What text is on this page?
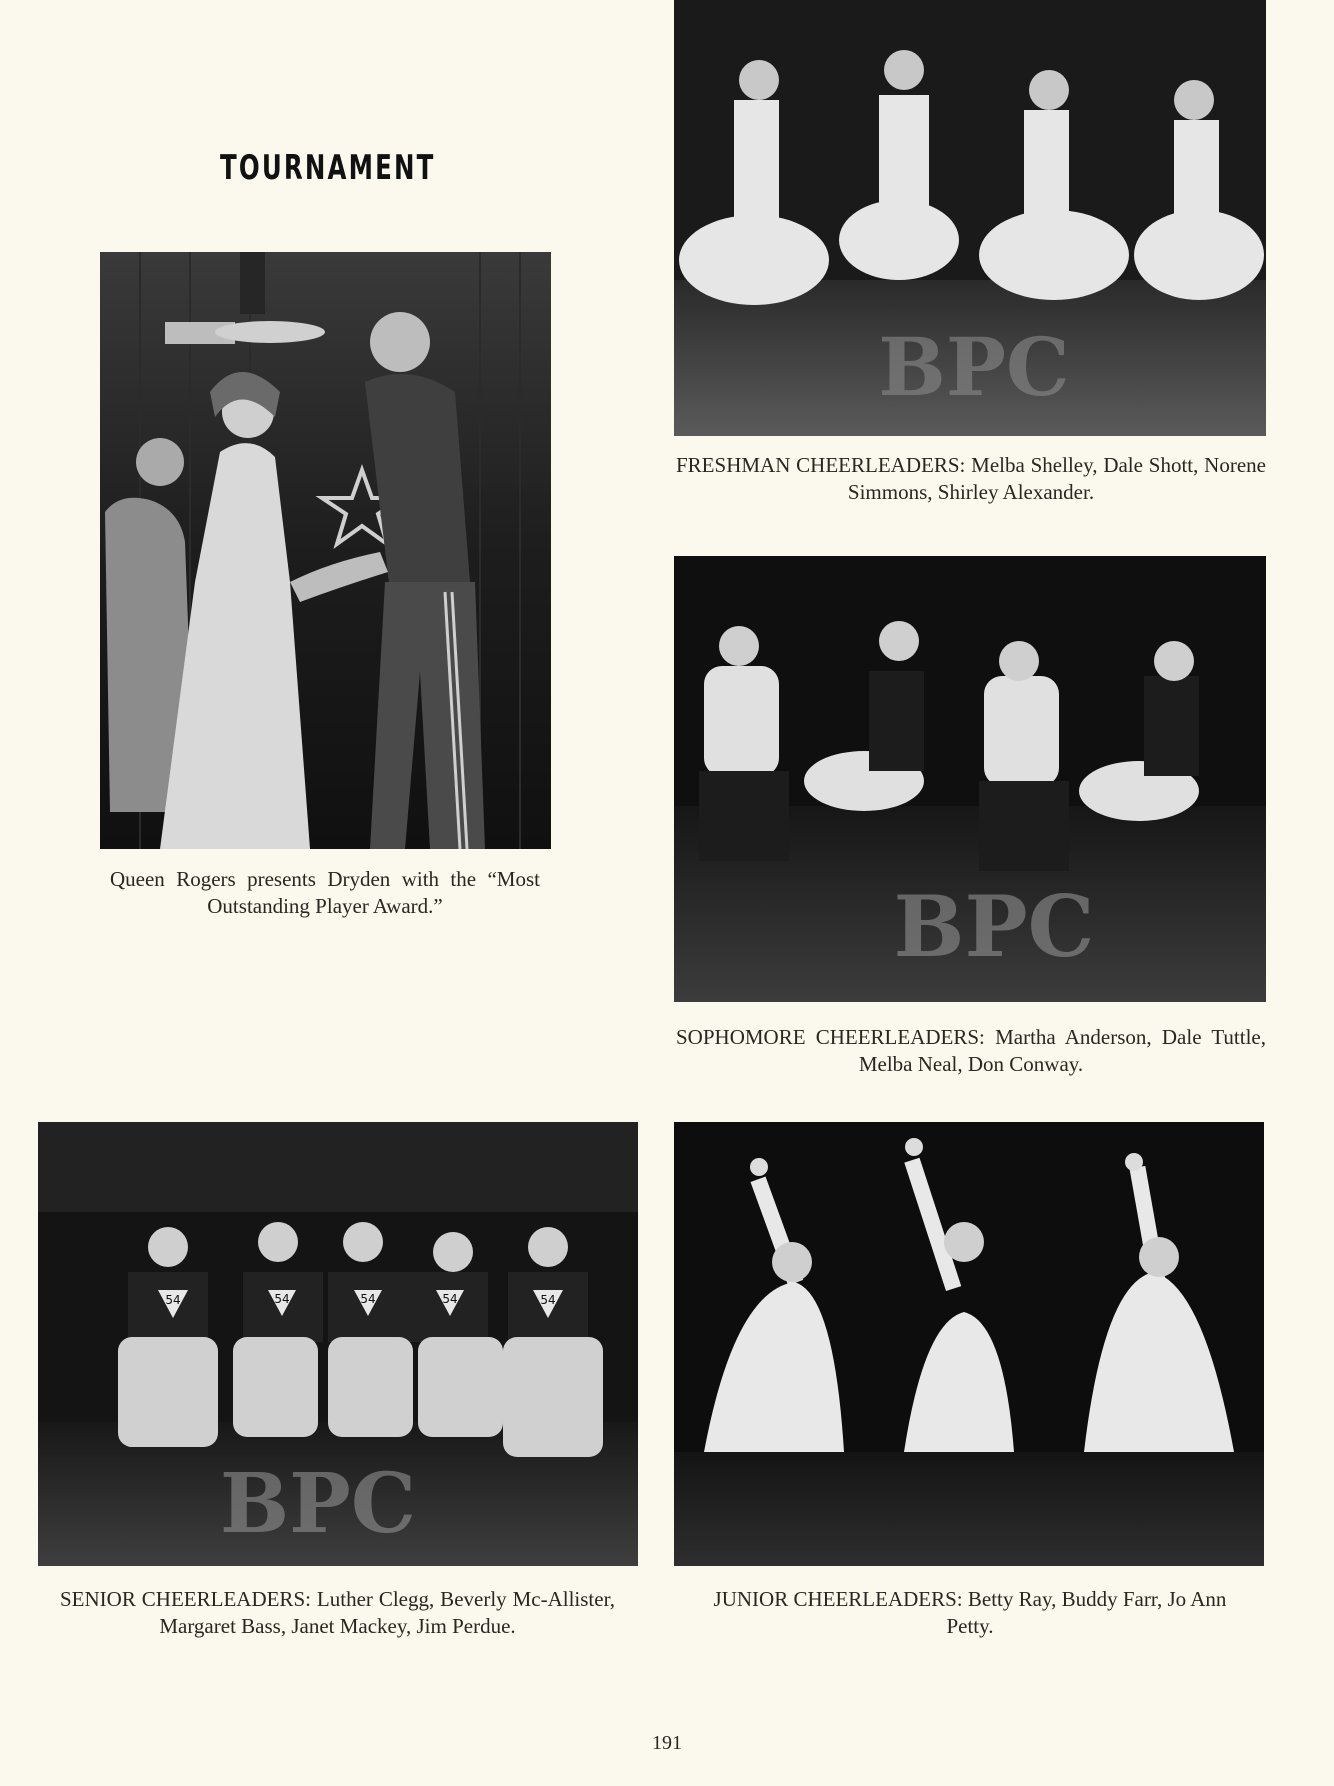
TOURNAMENT
Queen Rogers presents Dryden with the “Most Outstanding Player Award.”
BPC
FRESHMAN CHEERLEADERS: Melba Shelley, Dale Shott, Norene Simmons, Shirley Alexander.
BPC
SOPHOMORE CHEERLEADERS: Martha Anderson, Dale Tuttle, Melba Neal, Don Conway.
54	54	54	54	54
BPC
SENIOR CHEERLEADERS: Luther Clegg, Beverly Mc-Allister, Margaret Bass, Janet Mackey, Jim Perdue.
JUNIOR CHEERLEADERS: Betty Ray, Buddy Farr, Jo Ann Petty.
191
